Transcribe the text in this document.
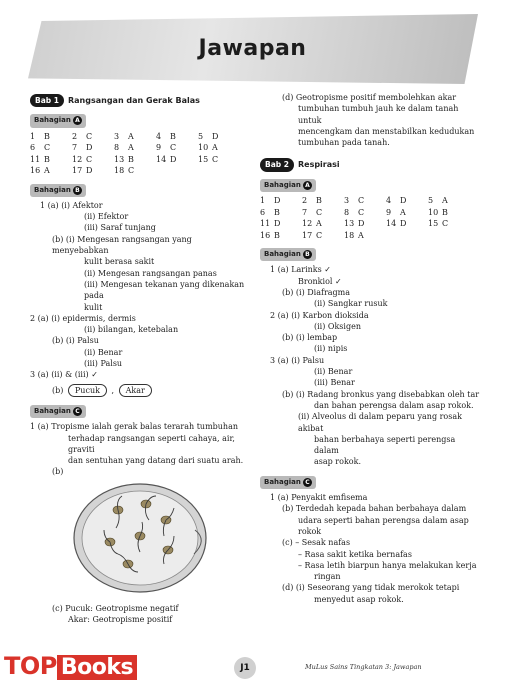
Jawapan
Bab 1	Rangsangan dan Gerak Balas
Bahagian A
1 B	2 C	3 A	4 B	5 D
6 C	7 D	8 A	9 C	10 A
11 B	12 C	13 B	14 D	15 C
16 A	17 D	18 C
Bahagian B
1 (a) (i) Afektor
(ii) Efektor
(iii) Saraf tunjang
(b) (i) Mengesan rangsangan yang menyebabkan
kulit berasa sakit
(ii) Mengesan rangsangan panas
(iii) Mengesan tekanan yang dikenakan pada
kulit
2 (a) (i) epidermis, dermis
(ii) bilangan, ketebalan
(b) (i) Palsu
(ii) Benar
(iii) Palsu
3 (a) (ii) & (iii) ✓
(b) Pucuk , Akar
Bahagian C
1 (a) Tropisme ialah gerak balas terarah tumbuhan
terhadap rangsangan seperti cahaya, air, graviti
dan sentuhan yang datang dari suatu arah.
(b)
(c) Pucuk: Geotropisme negatif
Akar: Geotropisme positif
(d) Geotropisme positif membolehkan akar
tumbuhan tumbuh jauh ke dalam tanah untuk
mencengkam dan menstabilkan kedudukan
tumbuhan pada tanah.
Bab 2	Respirasi
Bahagian A
1 D	2 B	3 C	4 D	5 A
6 B	7 C	8 C	9 A	10 B
11 D	12 A	13 D	14 D	15 C
16 B	17 C	18 A
Bahagian B
1 (a) Larinks ✓
Bronkiol ✓
(b) (i) Diafragma
(ii) Sangkar rusuk
2 (a) (i) Karbon dioksida
(ii) Oksigen
(b) (i) lembap
(ii) nipis
3 (a) (i) Palsu
(ii) Benar
(iii) Benar
(b) (i) Radang bronkus yang disebabkan oleh tar
dan bahan perengsa dalam asap rokok.
(ii) Alveolus di dalam peparu yang rosak akibat
bahan berbahaya seperti perengsa dalam
asap rokok.
Bahagian C
1 (a) Penyakit emfisema
(b) Terdedah kepada bahan berbahaya dalam
udara seperti bahan perengsa dalam asap rokok
(c) – Sesak nafas
– Rasa sakit ketika bernafas
– Rasa letih biarpun hanya melakukan kerja
ringan
(d) (i) Seseorang yang tidak merokok tetapi
menyedut asap rokok.
TOP Books	J1	MuLus Sains Tingkatan 3: Jawapan
